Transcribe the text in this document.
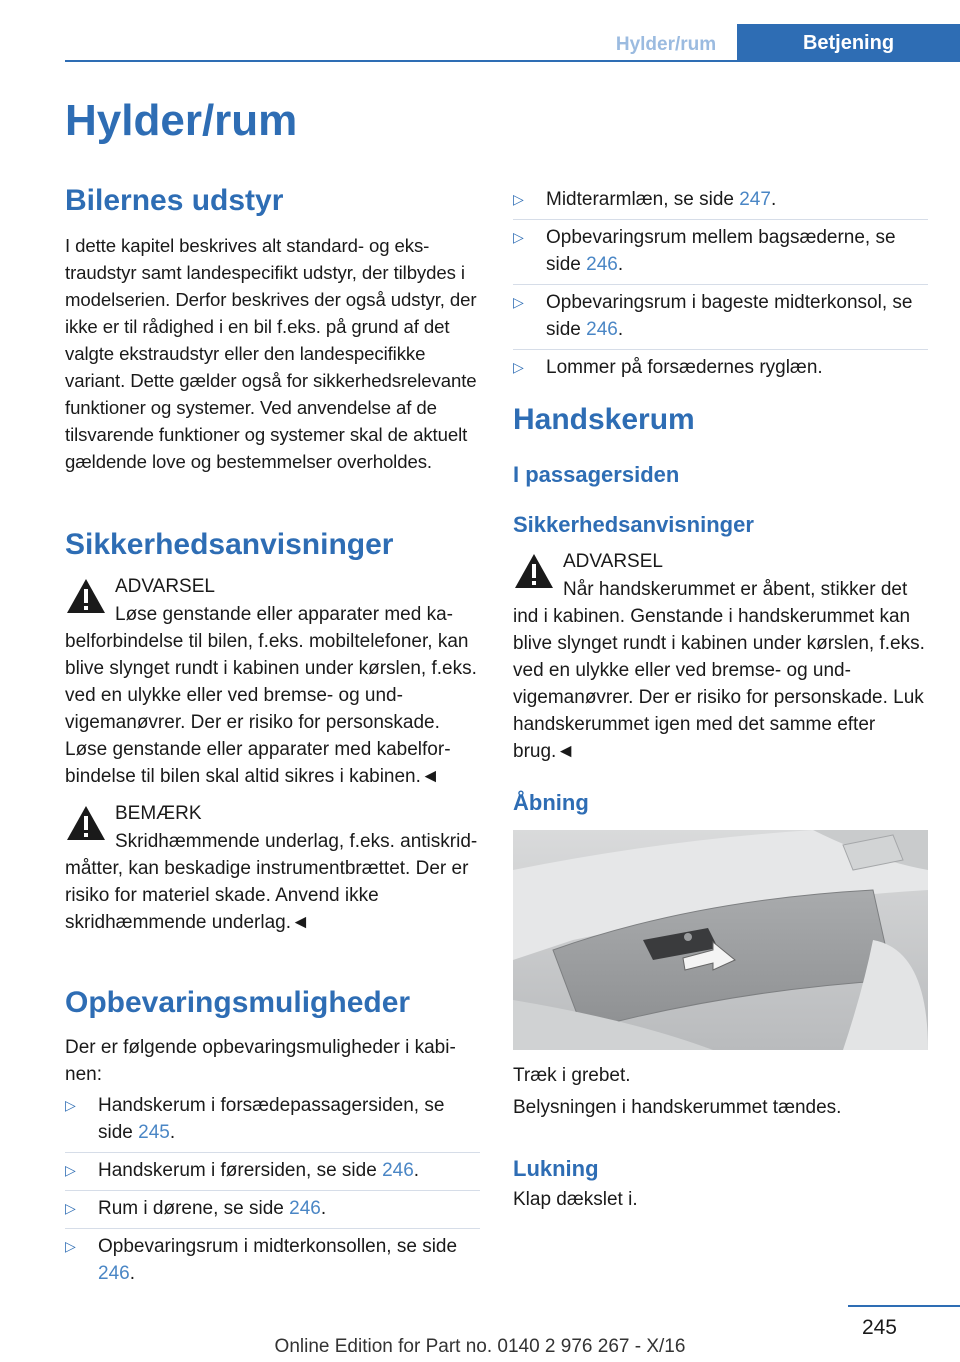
Hylder/rum	Betjening
Hylder/rum
Bilernes udstyr

I dette kapitel beskrives alt standard- og ekstraudstyr samt landespecifikt udstyr, der tilbydes i modelserien. Derfor beskrives der også udstyr, der ikke er til rådighed i en bil f.eks. på grund af det valgte ekstraudstyr eller den landespecifikke variant. Dette gælder også for sikkerhedsrelevante funktioner og systemer. Ved anvendelse af de tilsvarende funktioner og systemer skal de aktuelt gældende love og bestemmelser overholdes.

Sikkerhedsanvisninger
ADVARSEL
Løse genstande eller apparater med kabelforbindelse til bilen, f.eks. mobiltelefoner, kan blive slynget rundt i kabinen under kørslen, f.eks. ved en ulykke eller ved bremse- og undvigemanøvrer. Der er risiko for personskade. Løse genstande eller apparater med kabelforbindelse til bilen skal altid sikres i kabinen.◄
BEMÆRK
Skridhæmmende underlag, f.eks. antiskrid-måtter, kan beskadige instrumentbrættet. Der er risiko for materiel skade. Anvend ikke skridhæmmende underlag.◄
Opbevaringsmuligheder

Der er følgende opbevaringsmuligheder i kabinen:

▷ Handskerum i forsædepassagersiden, se side 245.
▷ Handskerum i førersiden, se side 246.
▷ Rum i dørene, se side 246.
▷ Opbevaringsrum i midterkonsollen, se side 246.
▷ Midterarmlæn, se side 247.
▷ Opbevaringsrum mellem bagsæderne, se side 246.
▷ Opbevaringsrum i bageste midterkonsol, se side 246.
▷ Lommer på forsædernes ryglæn.
Handskerum
I passagersiden
Sikkerhedsanvisninger
ADVARSEL
Når handskerummet er åbent, stikker det ind i kabinen. Genstande i handskerummet kan blive slynget rundt i kabinen under kørslen, f.eks. ved en ulykke eller ved bremse- og undvigemanøvrer. Der er risiko for personskade. Luk handskerummet igen med det samme efter brug.◄
Åbning

Træk i grebet.

Belysningen i handskerummet tændes.

Lukning

Klap dækslet i.

245
Online Edition for Part no. 0140 2 976 267 - X/16
